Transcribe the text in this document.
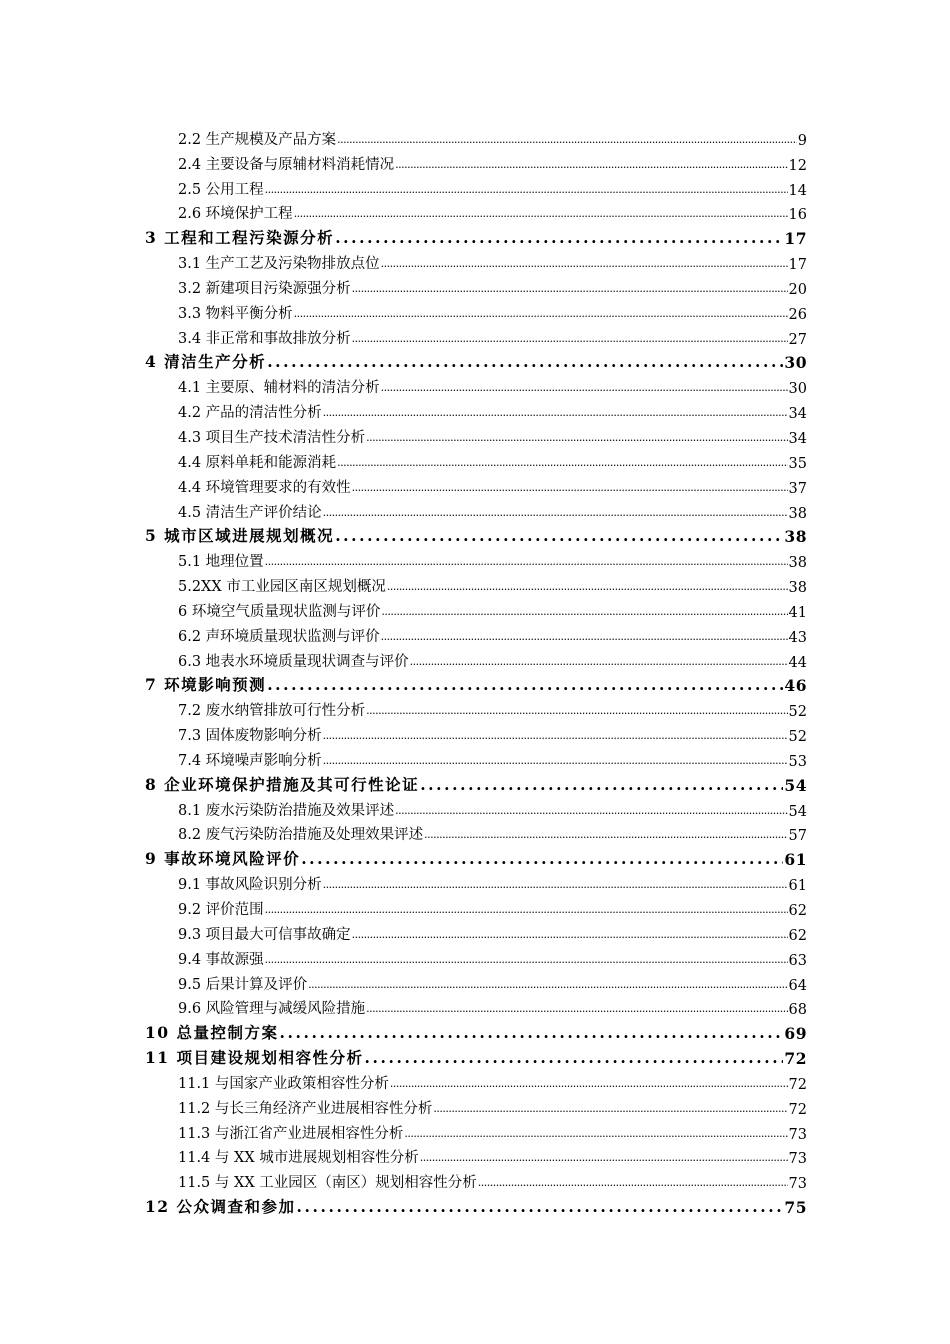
2.2 生产规模及产品方案 .....	9
2.4 主要设备与原辅材料消耗情况 .....	12
2.5 公用工程 .....	14
2.6 环境保护工程 .....	16
3 工程和工程污染源分析 .....	17
3.1 生产工艺及污染物排放点位 .....	17
3.2 新建项目污染源强分析 .....	20
3.3 物料平衡分析 .....	26
3.4 非正常和事故排放分析 .....	27
4 清洁生产分析 .....	30
4.1 主要原、辅材料的清洁分析 .....	30
4.2 产品的清洁性分析 .....	34
4.3 项目生产技术清洁性分析 .....	34
4.4 原料单耗和能源消耗 .....	35
4.4 环境管理要求的有效性 .....	37
4.5 清洁生产评价结论 .....	38
5 城市区域进展规划概况 .....	38
5.1 地理位置 .....	38
5.2XX 市工业园区南区规划概况 .....	38
6 环境空气质量现状监测与评价 .....	41
6.2 声环境质量现状监测与评价 .....	43
6.3 地表水环境质量现状调查与评价 .....	44
7 环境影响预测 .....	46
7.2 废水纳管排放可行性分析 .....	52
7.3 固体废物影响分析 .....	52
7.4 环境噪声影响分析 .....	53
8 企业环境保护措施及其可行性论证 .....	54
8.1 废水污染防治措施及效果评述 .....	54
8.2 废气污染防治措施及处理效果评述 .....	57
9 事故环境风险评价 .....	61
9.1 事故风险识别分析 .....	61
9.2 评价范围 .....	62
9.3 项目最大可信事故确定 .....	62
9.4 事故源强 .....	63
9.5 后果计算及评价 .....	64
9.6 风险管理与减缓风险措施 .....	68
10 总量控制方案 .....	69
11 项目建设规划相容性分析 .....	72
11.1 与国家产业政策相容性分析 .....	72
11.2 与长三角经济产业进展相容性分析 .....	72
11.3 与浙江省产业进展相容性分析 .....	73
11.4 与 XX 城市进展规划相容性分析 .....	73
11.5 与 XX 工业园区（南区）规划相容性分析 .....	73
12 公众调查和参加 .....	75
